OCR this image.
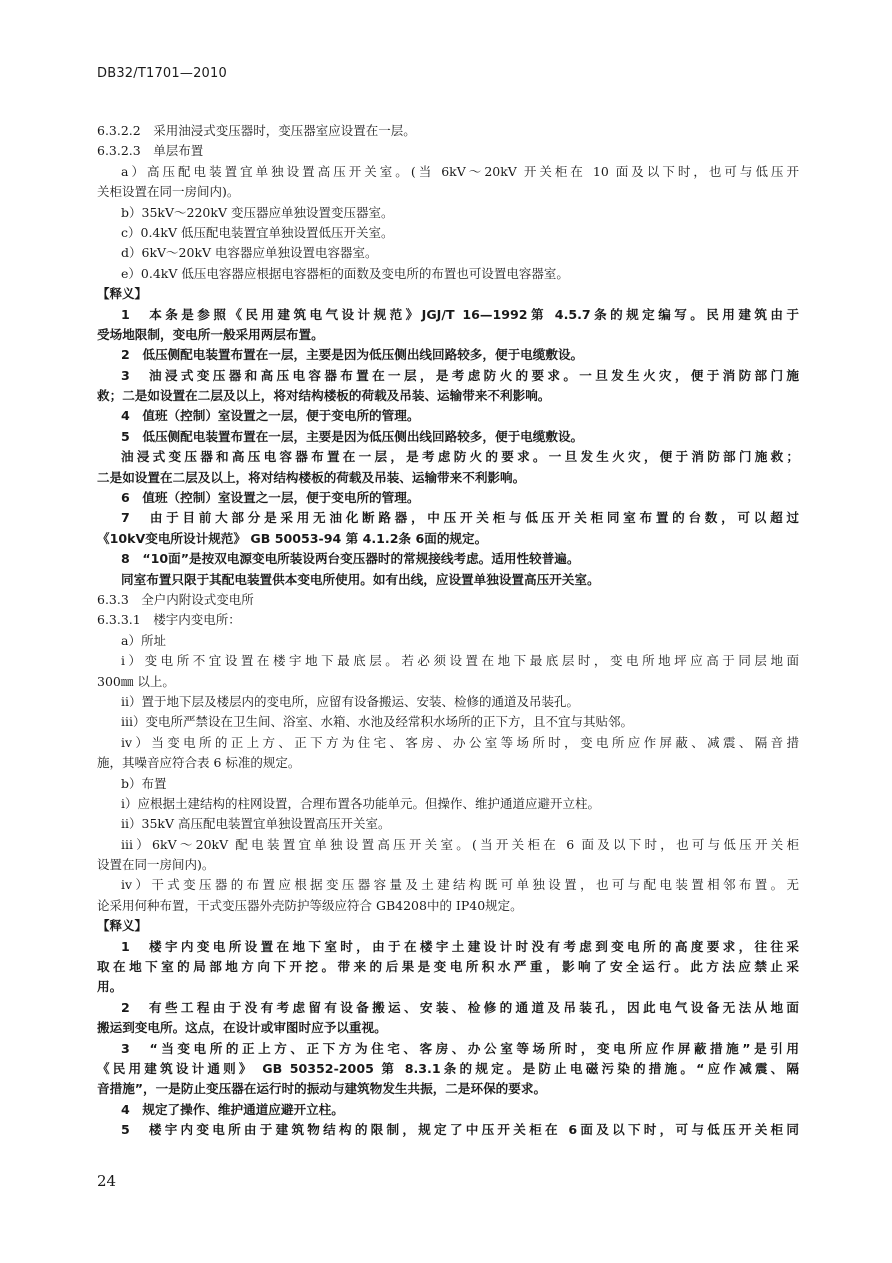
DB32/T1701—2010
6.3.2.2　采用油浸式变压器时，变压器室应设置在一层。
6.3.2.3　单层布置
a）高压配电装置宜单独设置高压开关室。(当 6kV～20kV 开关柜在 10 面及以下时，也可与低压开
关柜设置在同一房间内)。
b）35kV～220kV 变压器应单独设置变压器室。
c）0.4kV 低压配电装置宜单独设置低压开关室。
d）6kV～20kV 电容器应单独设置电容器室。
e）0.4kV 低压电容器应根据电容器柜的面数及变电所的布置也可设置电容器室。
【释义】
1　本条是参照《民用建筑电气设计规范》JGJ/T 16—1992第 4.5.7条的规定编写。民用建筑由于
受场地限制，变电所一般采用两层布置。
2　低压侧配电装置布置在一层，主要是因为低压侧出线回路较多，便于电缆敷设。
3　油浸式变压器和高压电容器布置在一层，是考虑防火的要求。一旦发生火灾，便于消防部门施
救；二是如设置在二层及以上，将对结构楼板的荷载及吊装、运输带来不利影响。
4　值班（控制）室设置之一层，便于变电所的管理。
5　低压侧配电装置布置在一层，主要是因为低压侧出线回路较多，便于电缆敷设。
油浸式变压器和高压电容器布置在一层，是考虑防火的要求。一旦发生火灾，便于消防部门施救；
二是如设置在二层及以上，将对结构楼板的荷载及吊装、运输带来不利影响。
6　值班（控制）室设置之一层，便于变电所的管理。
7　由于目前大部分是采用无油化断路器，中压开关柜与低压开关柜同室布置的台数，可以超过
《10kV变电所设计规范》 GB 50053-94 第 4.1.2条 6面的规定。
8　“10面”是按双电源变电所装设两台变压器时的常规接线考虑。适用性较普遍。
同室布置只限于其配电装置供本变电所使用。如有出线，应设置单独设置高压开关室。
6.3.3　全户内附设式变电所
6.3.3.1　楼宇内变电所：
a）所址
i）变电所不宜设置在楼宇地下最底层。若必须设置在地下最底层时，变电所地坪应高于同层地面
300㎜ 以上。
ii）置于地下层及楼层内的变电所，应留有设备搬运、安装、检修的通道及吊装孔。
iii）变电所严禁设在卫生间、浴室、水箱、水池及经常积水场所的正下方，且不宜与其贴邻。
iv）当变电所的正上方、正下方为住宅、客房、办公室等场所时，变电所应作屏蔽、减震、隔音措
施，其噪音应符合表 6 标准的规定。
b）布置
i）应根据土建结构的柱网设置，合理布置各功能单元。但操作、维护通道应避开立柱。
ii）35kV 高压配电装置宜单独设置高压开关室。
iii）6kV～20kV 配电装置宜单独设置高压开关室。(当开关柜在 6 面及以下时，也可与低压开关柜
设置在同一房间内)。
iv）干式变压器的布置应根据变压器容量及土建结构既可单独设置，也可与配电装置相邻布置。无
论采用何种布置，干式变压器外壳防护等级应符合 GB4208中的 IP40规定。
【释义】
1　楼宇内变电所设置在地下室时，由于在楼宇土建设计时没有考虑到变电所的高度要求，往往采
取在地下室的局部地方向下开挖。带来的后果是变电所积水严重，影响了安全运行。此方法应禁止采
用。
2　有些工程由于没有考虑留有设备搬运、安装、检修的通道及吊装孔，因此电气设备无法从地面
搬运到变电所。这点，在设计或审图时应予以重视。
3　“当变电所的正上方、正下方为住宅、客房、办公室等场所时，变电所应作屏蔽措施”是引用
《民用建筑设计通则》 GB 50352-2005 第 8.3.1条的规定。是防止电磁污染的措施。“应作减震、隔
音措施”，一是防止变压器在运行时的振动与建筑物发生共振，二是环保的要求。
4　规定了操作、维护通道应避开立柱。
5　楼宇内变电所由于建筑物结构的限制，规定了中压开关柜在 6面及以下时，可与低压开关柜同
24
